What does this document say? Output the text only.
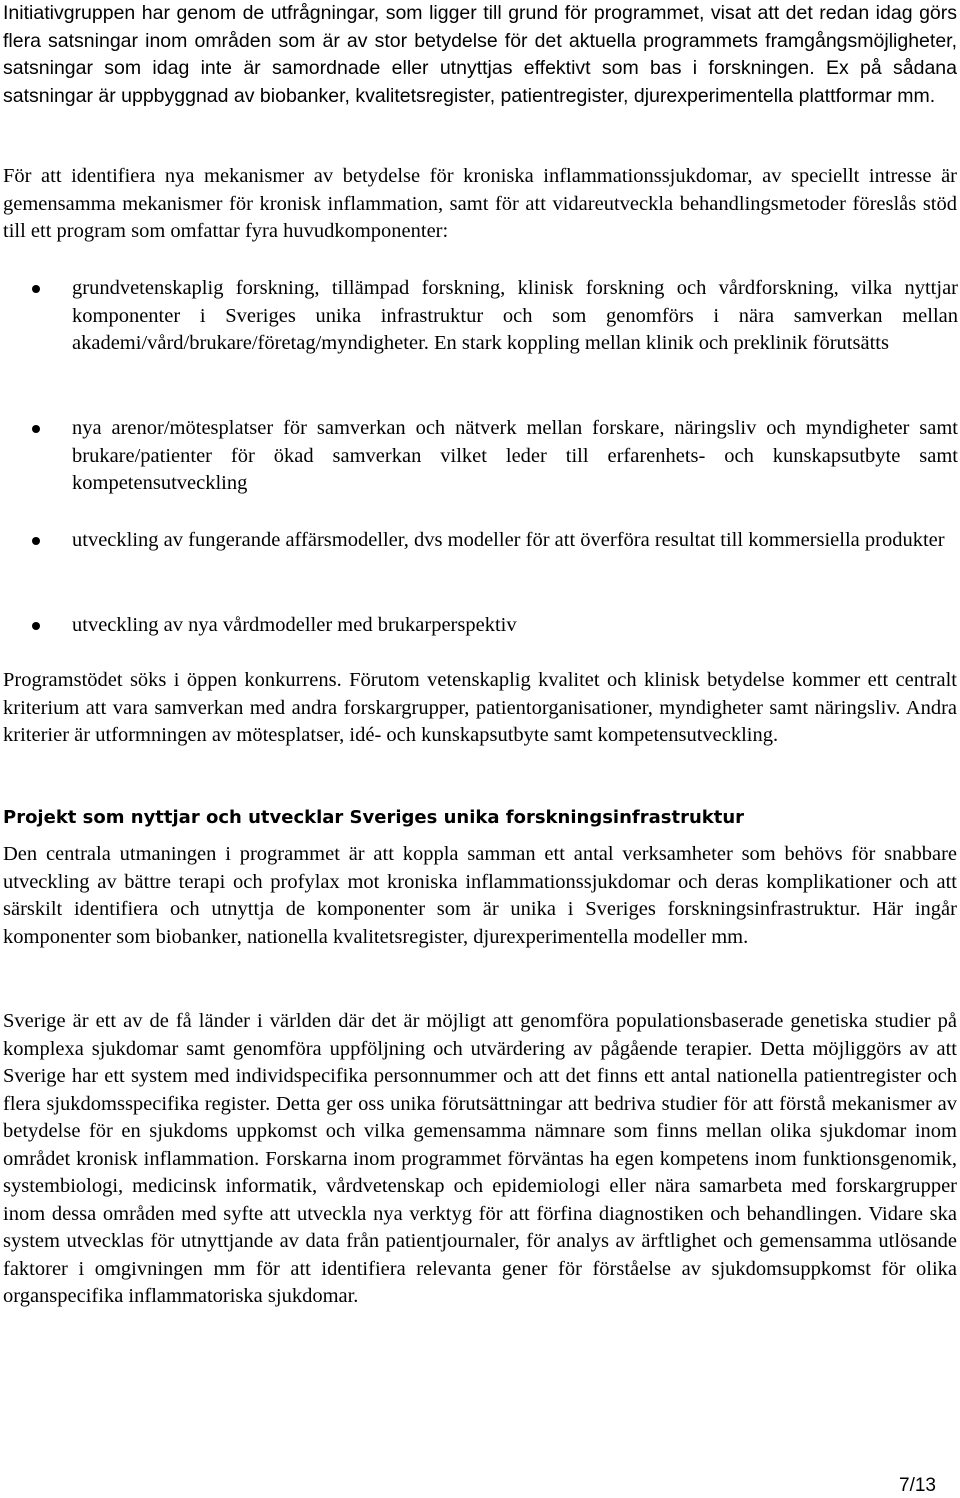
Initiativgruppen har genom de utfrågningar, som ligger till grund för programmet, visat att det redan idag görs flera satsningar inom områden som är av stor betydelse för det aktuella programmets framgångsmöjligheter, satsningar som idag inte är samordnade eller utnyttjas effektivt som bas i forskningen. Ex på sådana satsningar är uppbyggnad av biobanker, kvalitetsregister, patientregister, djurexperimentella plattformar mm.

För att identifiera nya mekanismer av betydelse för kroniska inflammationssjukdomar, av speciellt intresse är gemensamma mekanismer för kronisk inflammation, samt för att vidareutveckla behandlingsmetoder föreslås stöd till ett program som omfattar fyra huvudkomponenter:

grundvetenskaplig forskning, tillämpad forskning, klinisk forskning och vårdforskning, vilka nyttjar komponenter i Sveriges unika infrastruktur och som genomförs i nära samverkan mellan akademi/vård/brukare/företag/myndigheter. En stark koppling mellan klinik och preklinik förutsätts

nya arenor/mötesplatser för samverkan och nätverk mellan forskare, näringsliv och myndigheter samt brukare/patienter för ökad samverkan vilket leder till erfarenhets- och kunskapsutbyte samt kompetensutveckling

utveckling av fungerande affärsmodeller, dvs modeller för att överföra resultat till kommersiella produkter

utveckling av nya vårdmodeller med brukarperspektiv

Programstödet söks i öppen konkurrens. Förutom vetenskaplig kvalitet och klinisk betydelse kommer ett centralt kriterium att vara samverkan med andra forskargrupper, patientorganisationer, myndigheter samt näringsliv. Andra kriterier är utformningen av mötesplatser, idé- och kunskapsutbyte samt kompetensutveckling.

Projekt som nyttjar och utvecklar Sveriges unika forskningsinfrastruktur

Den centrala utmaningen i programmet är att koppla samman ett antal verksamheter som behövs för snabbare utveckling av bättre terapi och profylax mot kroniska inflammationssjukdomar och deras komplikationer och att särskilt identifiera och utnyttja de komponenter som är unika i Sveriges forskningsinfrastruktur. Här ingår komponenter som biobanker, nationella kvalitetsregister, djurexperimentella modeller mm.

Sverige är ett av de få länder i världen där det är möjligt att genomföra populationsbaserade genetiska studier på komplexa sjukdomar samt genomföra uppföljning och utvärdering av pågående terapier. Detta möjliggörs av att Sverige har ett system med individspecifika personnummer och att det finns ett antal nationella patientregister och flera sjukdomsspecifika register. Detta ger oss unika förutsättningar att bedriva studier för att förstå mekanismer av betydelse för en sjukdoms uppkomst och vilka gemensamma nämnare som finns mellan olika sjukdomar inom området kronisk inflammation. Forskarna inom programmet förväntas ha egen kompetens inom funktionsgenomik, systembiologi, medicinsk informatik, vårdvetenskap och epidemiologi eller nära samarbeta med forskargrupper inom dessa områden med syfte att utveckla nya verktyg för att förfina diagnostiken och behandlingen. Vidare ska system utvecklas för utnyttjande av data från patientjournaler, för analys av ärftlighet och gemensamma utlösande faktorer i omgivningen mm för att identifiera relevanta gener för förståelse av sjukdomsuppkomst för olika organspecifika inflammatoriska sjukdomar.

7/13
